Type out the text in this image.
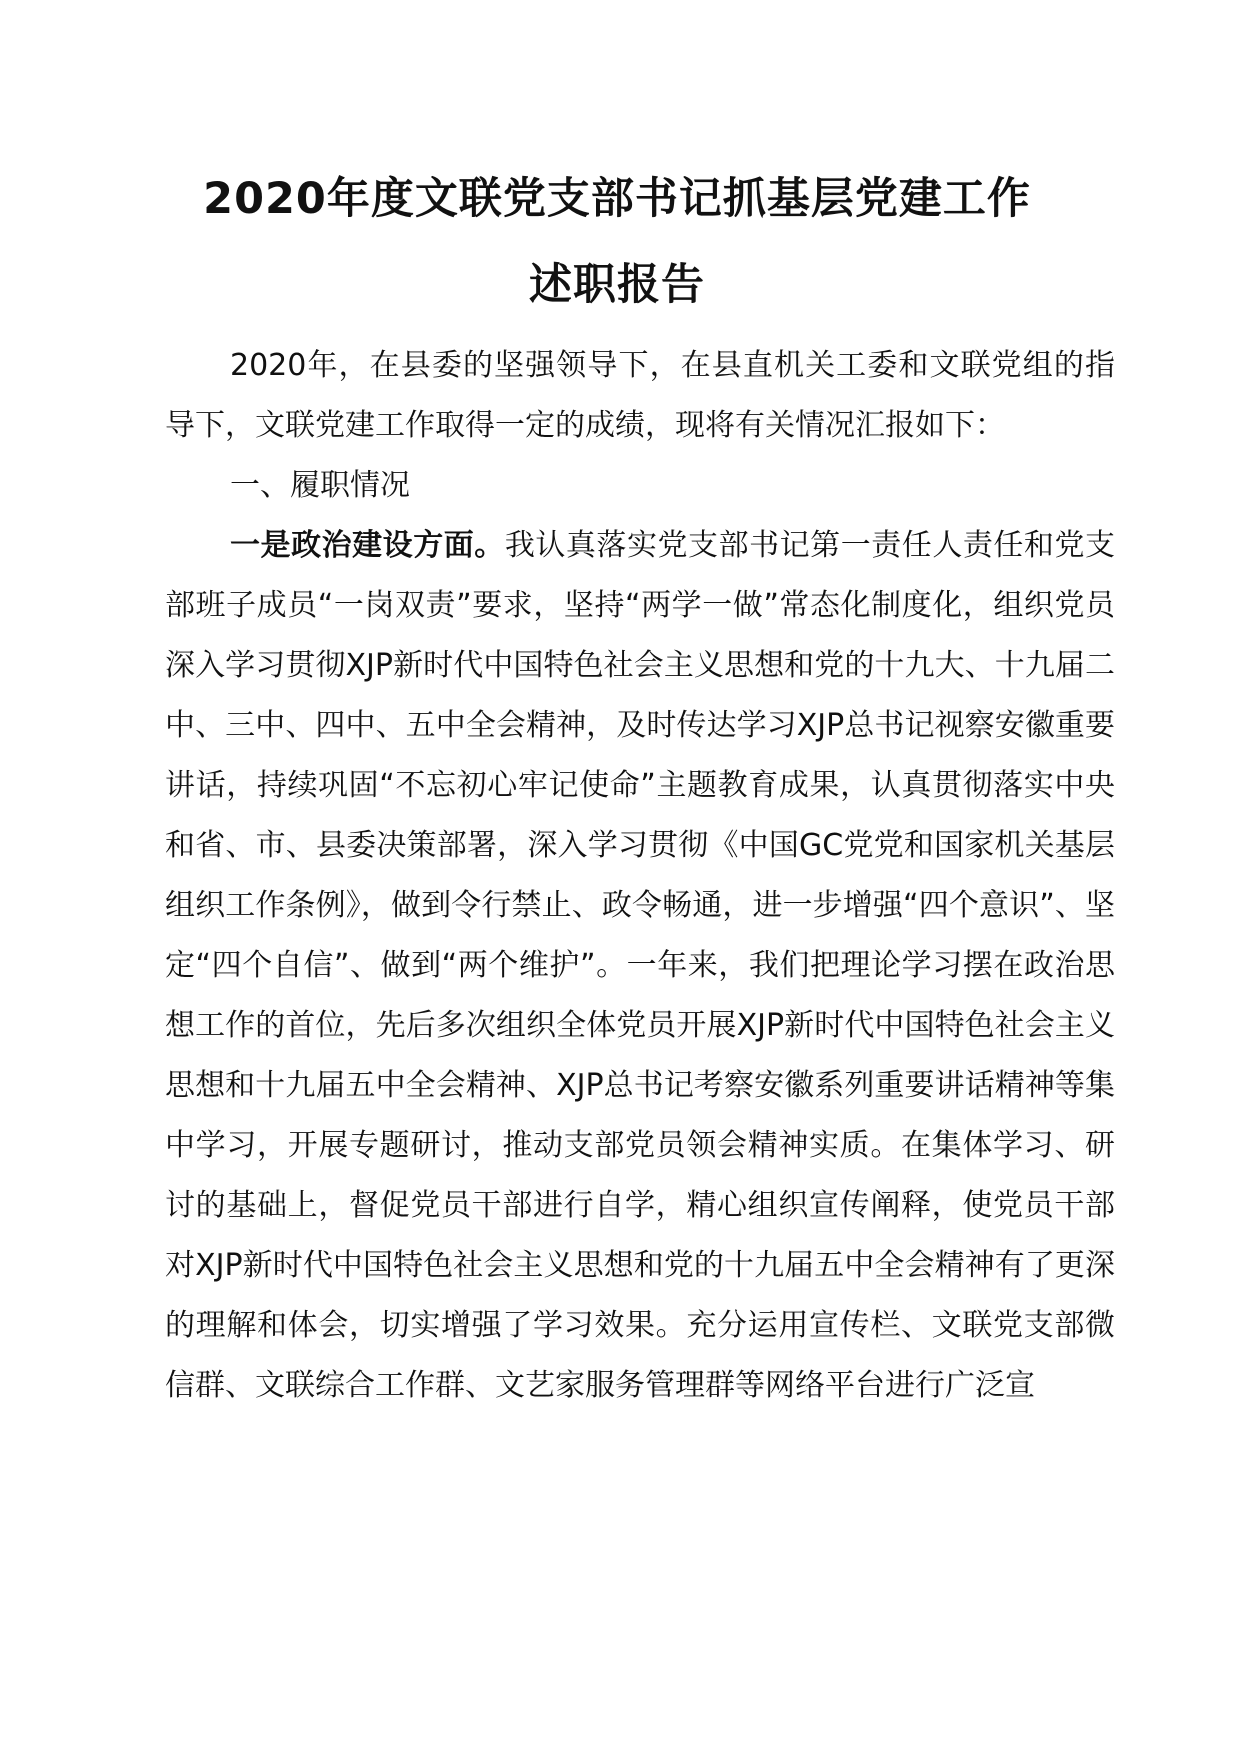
2020年度文联党支部书记抓基层党建工作
述职报告

2020年，在县委的坚强领导下，在县直机关工委和文联党组的指导下，文联党建工作取得一定的成绩，现将有关情况汇报如下：

一、履职情况

一是政治建设方面。我认真落实党支部书记第一责任人责任和党支部班子成员“一岗双责”要求，坚持“两学一做”常态化制度化，组织党员深入学习贯彻XJP新时代中国特色社会主义思想和党的十九大、十九届二中、三中、四中、五中全会精神，及时传达学习XJP总书记视察安徽重要讲话，持续巩固“不忘初心牢记使命”主题教育成果，认真贯彻落实中央和省、市、县委决策部署，深入学习贯彻《中国GC党党和国家机关基层组织工作条例》，做到令行禁止、政令畅通，进一步增强“四个意识”、坚定“四个自信”、做到“两个维护”。一年来，我们把理论学习摆在政治思想工作的首位，先后多次组织全体党员开展XJP新时代中国特色社会主义思想和十九届五中全会精神、XJP总书记考察安徽系列重要讲话精神等集中学习，开展专题研讨，推动支部党员领会精神实质。在集体学习、研讨的基础上，督促党员干部进行自学，精心组织宣传阐释，使党员干部对XJP新时代中国特色社会主义思想和党的十九届五中全会精神有了更深的理解和体会，切实增强了学习效果。充分运用宣传栏、文联党支部微信群、文联综合工作群、文艺家服务管理群等网络平台进行广泛宣
